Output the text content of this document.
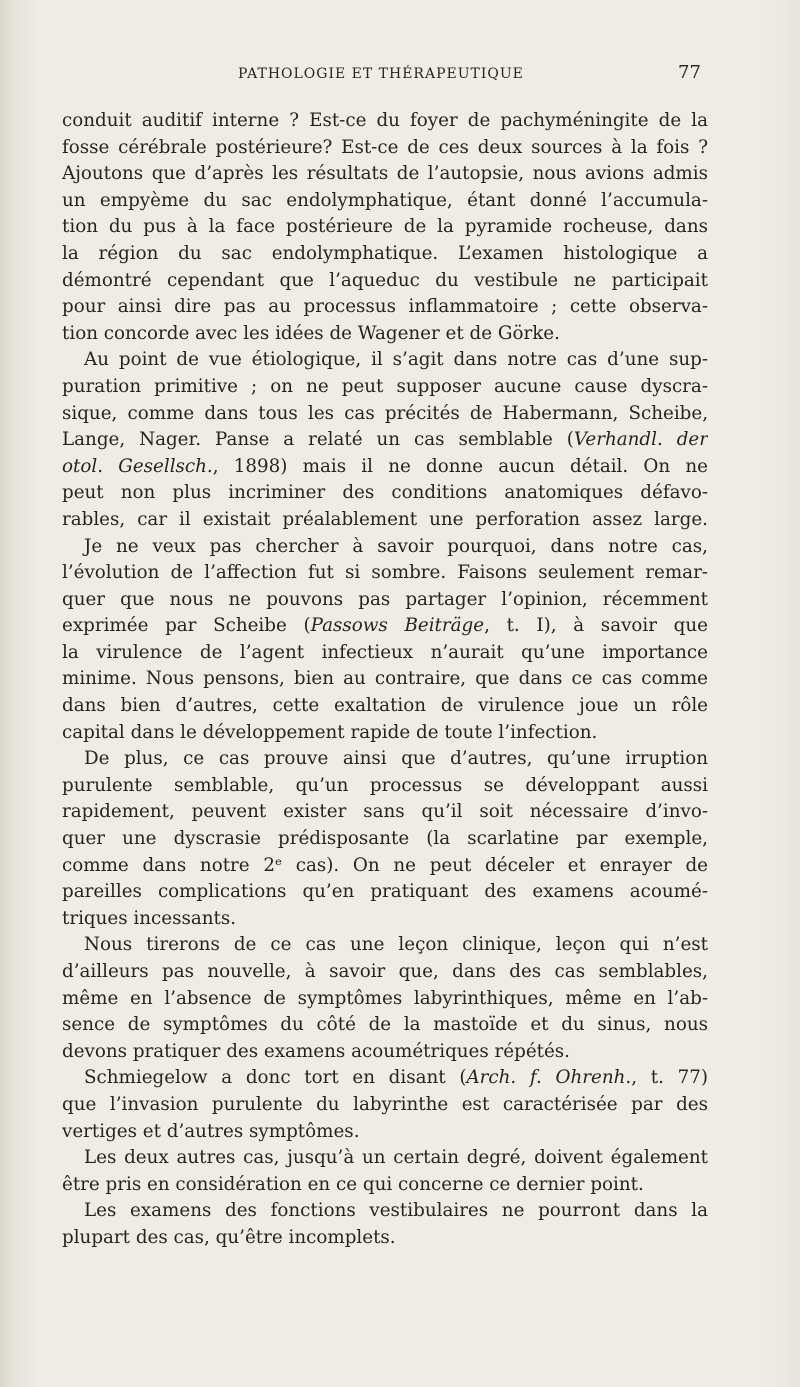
PATHOLOGIE ET THÉRAPEUTIQUE	77
conduit auditif interne ? Est-ce du foyer de pachyméningite de la
fosse cérébrale postérieure? Est-ce de ces deux sources à la fois ?
Ajoutons que d’après les résultats de l’autopsie, nous avions admis
un empyème du sac endolymphatique, étant donné l’accumula-
tion du pus à la face postérieure de la pyramide rocheuse, dans
la région du sac endolymphatique. L’examen histologique a
démontré cependant que l’aqueduc du vestibule ne participait
pour ainsi dire pas au processus inflammatoire ; cette observa-
tion concorde avec les idées de Wagener et de Görke.
Au point de vue étiologique, il s’agit dans notre cas d’une sup-
puration primitive ; on ne peut supposer aucune cause dyscra-
sique, comme dans tous les cas précités de Habermann, Scheibe,
Lange, Nager. Panse a relaté un cas semblable (Verhandl. der
otol. Gesellsch., 1898) mais il ne donne aucun détail. On ne
peut non plus incriminer des conditions anatomiques défavo-
rables, car il existait préalablement une perforation assez large.
Je ne veux pas chercher à savoir pourquoi, dans notre cas,
l’évolution de l’affection fut si sombre. Faisons seulement remar-
quer que nous ne pouvons pas partager l’opinion, récemment
exprimée par Scheibe (Passows Beiträge, t. I), à savoir que
la virulence de l’agent infectieux n’aurait qu’une importance
minime. Nous pensons, bien au contraire, que dans ce cas comme
dans bien d’autres, cette exaltation de virulence joue un rôle
capital dans le développement rapide de toute l’infection.
De plus, ce cas prouve ainsi que d’autres, qu’une irruption
purulente semblable, qu’un processus se développant aussi
rapidement, peuvent exister sans qu’il soit nécessaire d’invo-
quer une dyscrasie prédisposante (la scarlatine par exemple,
comme dans notre 2ᵉ cas). On ne peut déceler et enrayer de
pareilles complications qu’en pratiquant des examens acoumé-
triques incessants.
Nous tirerons de ce cas une leçon clinique, leçon qui n’est
d’ailleurs pas nouvelle, à savoir que, dans des cas semblables,
même en l’absence de symptômes labyrinthiques, même en l’ab-
sence de symptômes du côté de la mastoïde et du sinus, nous
devons pratiquer des examens acoumétriques répétés.
Schmiegelow a donc tort en disant (Arch. f. Ohrenh., t. 77)
que l’invasion purulente du labyrinthe est caractérisée par des
vertiges et d’autres symptômes.
Les deux autres cas, jusqu’à un certain degré, doivent également
être pris en considération en ce qui concerne ce dernier point.
Les examens des fonctions vestibulaires ne pourront dans la
plupart des cas, qu’être incomplets.
